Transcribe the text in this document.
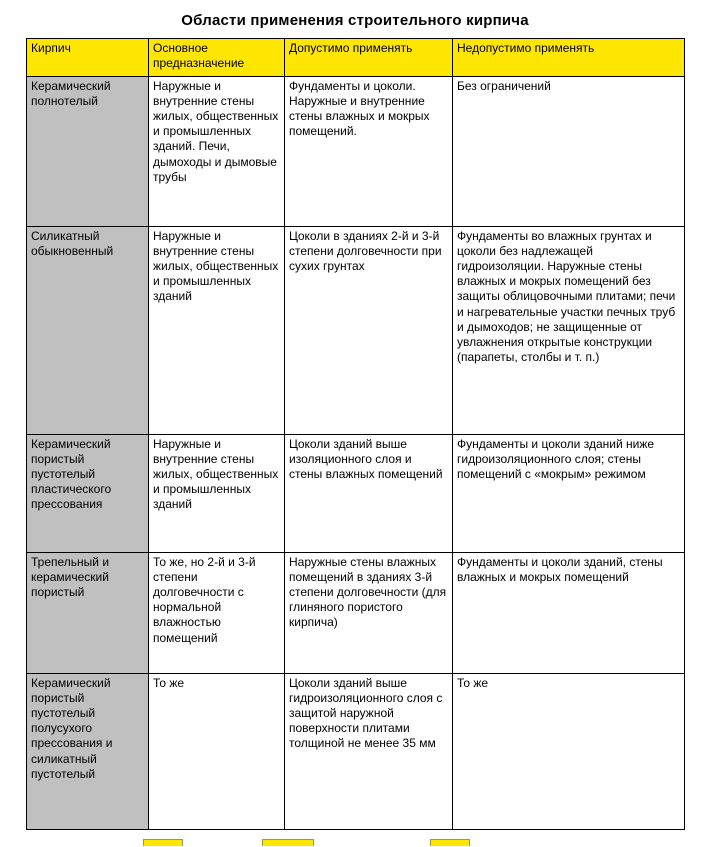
Области применения строительного кирпича
Кирпич	Основное предназначение	Допустимо применять	Недопустимо применять
Керамический полнотелый	Наружные и внутренние стены жилых, общественных и промышленных зданий. Печи, дымоходы и дымовые трубы	Фундаменты и цоколи. Наружные и внутренние стены влажных и мокрых помещений.	Без ограничений
Силикатный обыкновенный	Наружные и внутренние стены жилых, общественных и промышленных зданий	Цоколи в зданиях 2-й и 3-й степени долговечности при сухих грунтах	Фундаменты во влажных грунтах и цоколи без надлежащей гидроизоляции. Наружные стены влажных и мокрых помещений без защиты облицовочными плитами; печи и нагревательные участки печных труб и дымоходов; не защищенные от увлажнения открытые конструкции (парапеты, столбы и т. п.)
Керамический пористый пустотелый пластического прессования	Наружные и внутренние стены жилых, общественных и промышленных зданий	Цоколи зданий выше изоляционного слоя и стены влажных помещений	Фундаменты и цоколи зданий ниже гидроизоляционного слоя; стены помещений с «мокрым» режимом
Трепельный и керамический пористый	То же, но 2-й и 3-й степени долговечности с нормальной влажностью помещений	Наружные стены влажных помещений в зданиях 3-й степени долговечности (для глиняного пористого кирпича)	Фундаменты и цоколи зданий, стены влажных и мокрых помещений
Керамический пористый пустотелый полусухого прессования и силикатный пустотелый	То же	Цоколи зданий выше гидроизоляционного слоя с защитой наружной поверхности плитами толщиной не менее 35 мм	То же
